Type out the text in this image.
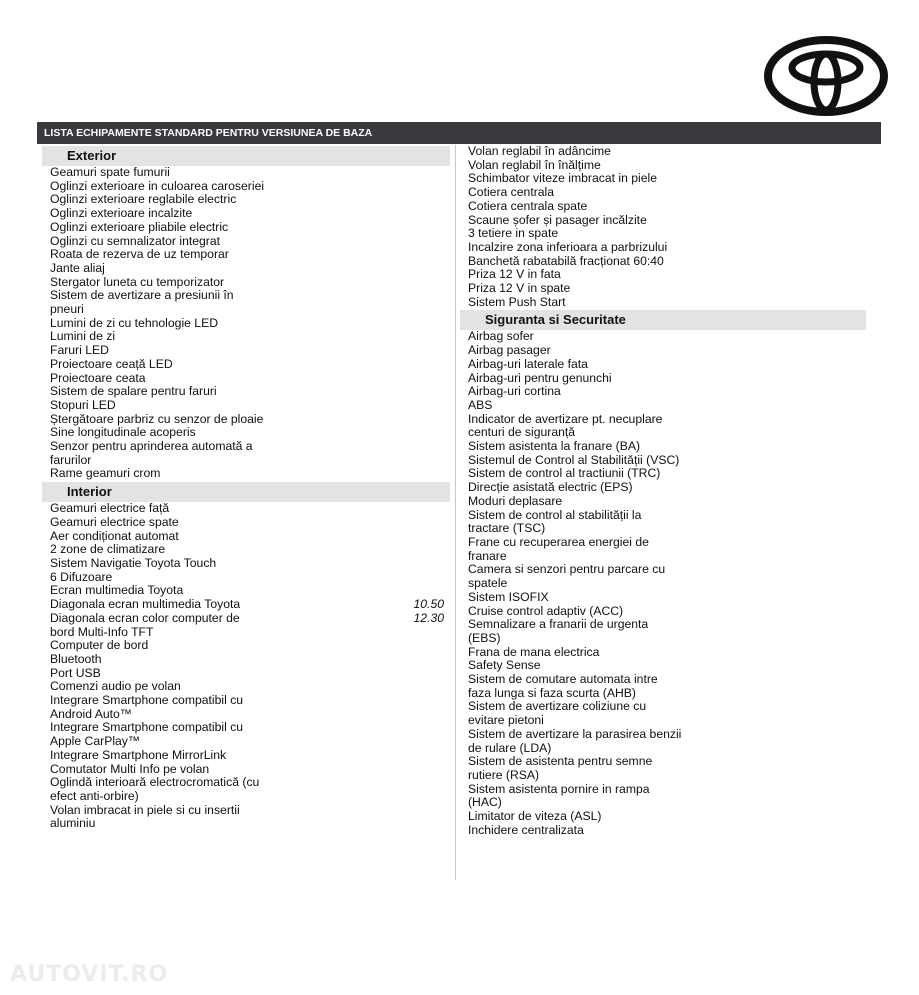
LISTA ECHIPAMENTE STANDARD PENTRU VERSIUNEA DE BAZA
Exterior
Geamuri spate fumurii
Oglinzi exterioare in culoarea caroseriei
Oglinzi exterioare reglabile electric
Oglinzi exterioare incalzite
Oglinzi exterioare pliabile electric
Oglinzi cu semnalizator integrat
Roata de rezerva de uz temporar
Jante aliaj
Stergator luneta cu temporizator
Sistem de avertizare a presiunii în pneuri
Lumini de zi cu tehnologie LED
Lumini de zi
Faruri LED
Proiectoare ceață LED
Proiectoare ceata
Sistem de spalare pentru faruri
Stopuri LED
Ștergătoare parbriz cu senzor de ploaie
Sine longitudinale acoperis
Senzor pentru aprinderea automată a farurilor
Rame geamuri crom
Interior
Geamuri electrice față
Geamuri electrice spate
Aer condiționat automat
2 zone de climatizare
Sistem Navigatie Toyota Touch
6 Difuzoare
Ecran multimedia Toyota
Diagonala ecran multimedia Toyota	10.50
Diagonala ecran color computer de bord Multi-Info TFT
12.30
Computer de bord
Bluetooth
Port USB
Comenzi audio pe volan
Integrare Smartphone compatibil cu Android Auto™
Integrare Smartphone compatibil cu Apple CarPlay™
Integrare Smartphone MirrorLink
Comutator Multi Info pe volan
Oglindă interioară electrocromatică (cu efect anti-orbire)
Volan imbracat in piele si cu insertii aluminiu
Volan reglabil în adâncime
Volan reglabil în înălțime
Schimbator viteze imbracat in piele
Cotiera centrala
Cotiera centrala spate
Scaune șofer și pasager incălzite
3 tetiere in spate
Incalzire zona inferioara a parbrizului
Banchetă rabatabilă fracționat 60:40
Priza 12 V in fata
Priza 12 V in spate
Sistem Push Start
Siguranta si Securitate
Airbag sofer
Airbag pasager
Airbag-uri laterale fata
Airbag-uri pentru genunchi
Airbag-uri cortina
ABS
Indicator de avertizare pt. necuplare centuri de siguranță
Sistem asistenta la franare (BA)
Sistemul de Control al Stabilității (VSC)
Sistem de control al tractiunii (TRC)
Direcție asistată electric (EPS)
Moduri deplasare
Sistem de control al stabilității la tractare (TSC)
Frane cu recuperarea energiei de franare
Camera si senzori pentru parcare cu spatele
Sistem ISOFIX
Cruise control adaptiv (ACC)
Semnalizare a franarii de urgenta (EBS)
Frana de mana electrica
Safety Sense
Sistem de comutare automata intre faza lunga si faza scurta (AHB)
Sistem de avertizare coliziune cu evitare pietoni
Sistem de avertizare la parasirea benzii de rulare (LDA)
Sistem de asistenta pentru semne rutiere (RSA)
Sistem asistenta pornire in rampa (HAC)
Limitator de viteza (ASL)
Inchidere centralizata
AUTOVIT.RO
